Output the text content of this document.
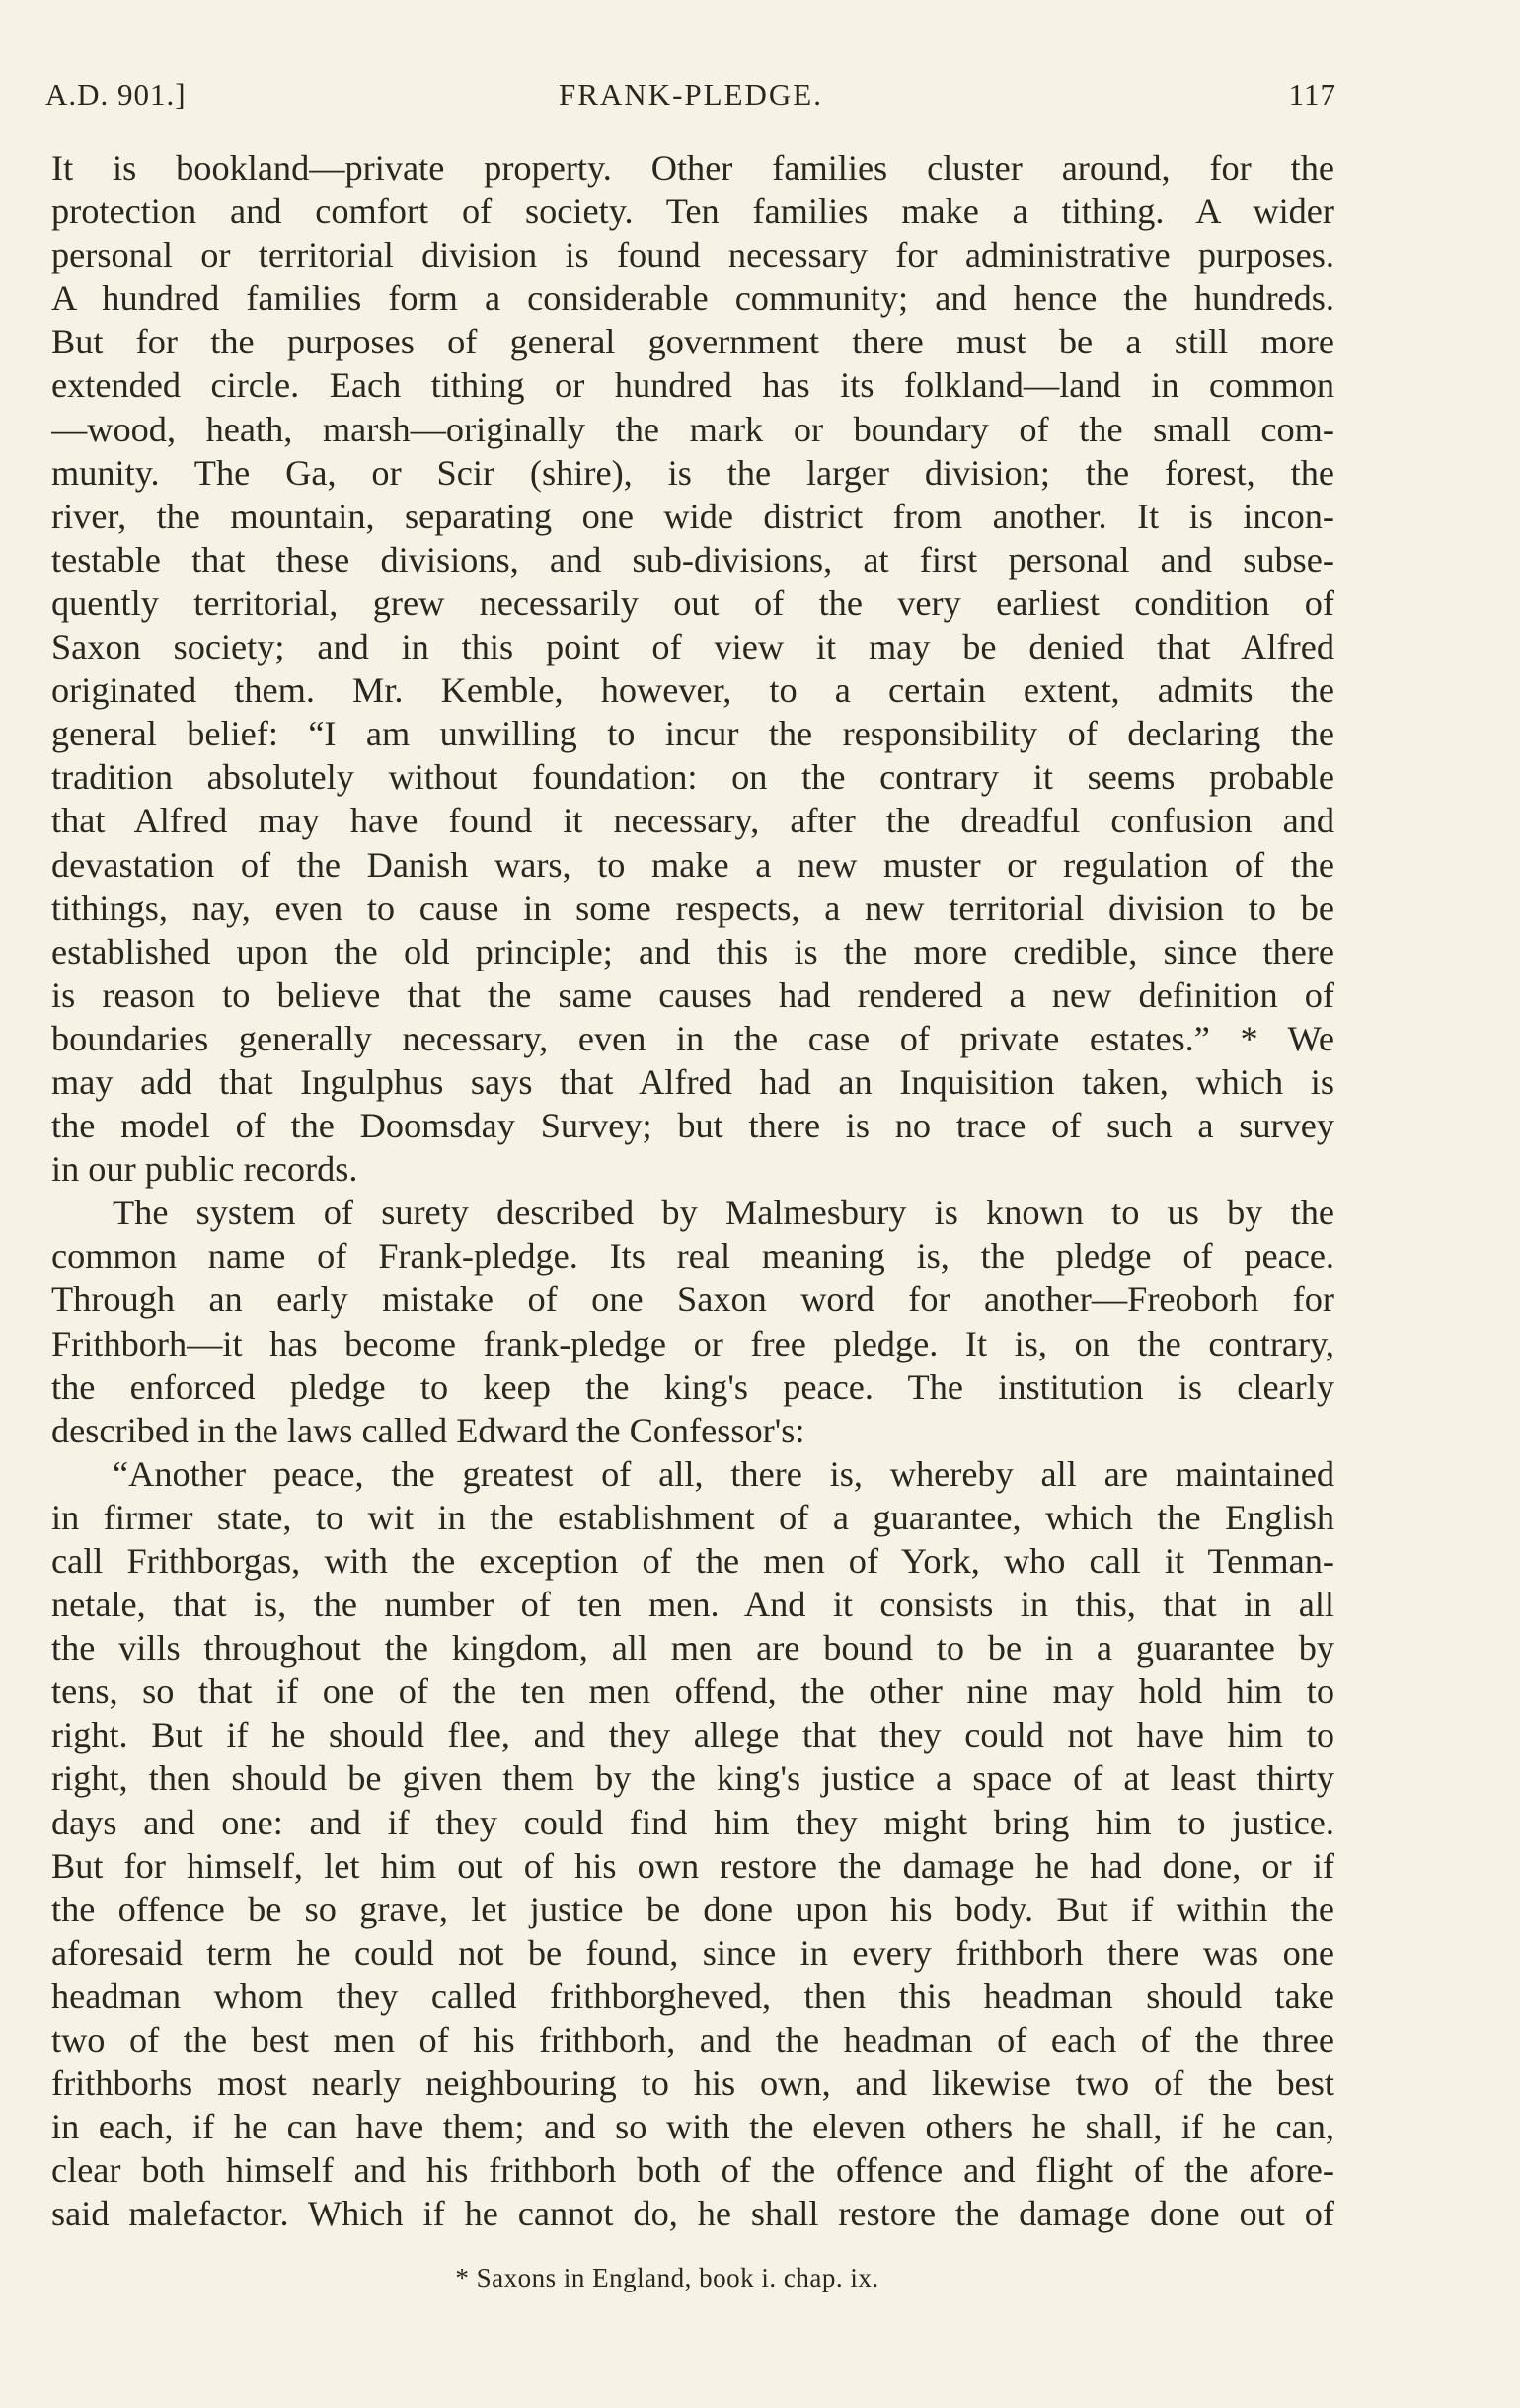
A.D. 901.]	FRANK-PLEDGE.	117
It is bookland—private property. Other families cluster around, for the
protection and comfort of society. Ten families make a tithing. A wider
personal or territorial division is found necessary for administrative purposes.
A hundred families form a considerable community; and hence the hundreds.
But for the purposes of general government there must be a still more
extended circle. Each tithing or hundred has its folkland—land in common
—wood, heath, marsh—originally the mark or boundary of the small com-
munity. The Ga, or Scir (shire), is the larger division; the forest, the
river, the mountain, separating one wide district from another. It is incon-
testable that these divisions, and sub-divisions, at first personal and subse-
quently territorial, grew necessarily out of the very earliest condition of
Saxon society; and in this point of view it may be denied that Alfred
originated them. Mr. Kemble, however, to a certain extent, admits the
general belief: “I am unwilling to incur the responsibility of declaring the
tradition absolutely without foundation: on the contrary it seems probable
that Alfred may have found it necessary, after the dreadful confusion and
devastation of the Danish wars, to make a new muster or regulation of the
tithings, nay, even to cause in some respects, a new territorial division to be
established upon the old principle; and this is the more credible, since there
is reason to believe that the same causes had rendered a new definition of
boundaries generally necessary, even in the case of private estates.” * We
may add that Ingulphus says that Alfred had an Inquisition taken, which is
the model of the Doomsday Survey; but there is no trace of such a survey
in our public records.
The system of surety described by Malmesbury is known to us by the
common name of Frank-pledge. Its real meaning is, the pledge of peace.
Through an early mistake of one Saxon word for another—Freoborh for
Frithborh—it has become frank-pledge or free pledge. It is, on the contrary,
the enforced pledge to keep the king's peace. The institution is clearly
described in the laws called Edward the Confessor's:
“Another peace, the greatest of all, there is, whereby all are maintained
in firmer state, to wit in the establishment of a guarantee, which the English
call Frithborgas, with the exception of the men of York, who call it Tenman-
netale, that is, the number of ten men. And it consists in this, that in all
the vills throughout the kingdom, all men are bound to be in a guarantee by
tens, so that if one of the ten men offend, the other nine may hold him to
right. But if he should flee, and they allege that they could not have him to
right, then should be given them by the king's justice a space of at least thirty
days and one: and if they could find him they might bring him to justice.
But for himself, let him out of his own restore the damage he had done, or if
the offence be so grave, let justice be done upon his body. But if within the
aforesaid term he could not be found, since in every frithborh there was one
headman whom they called frithborgheved, then this headman should take
two of the best men of his frithborh, and the headman of each of the three
frithborhs most nearly neighbouring to his own, and likewise two of the best
in each, if he can have them; and so with the eleven others he shall, if he can,
clear both himself and his frithborh both of the offence and flight of the afore-
said malefactor. Which if he cannot do, he shall restore the damage done out of
* Saxons in England, book i. chap. ix.
